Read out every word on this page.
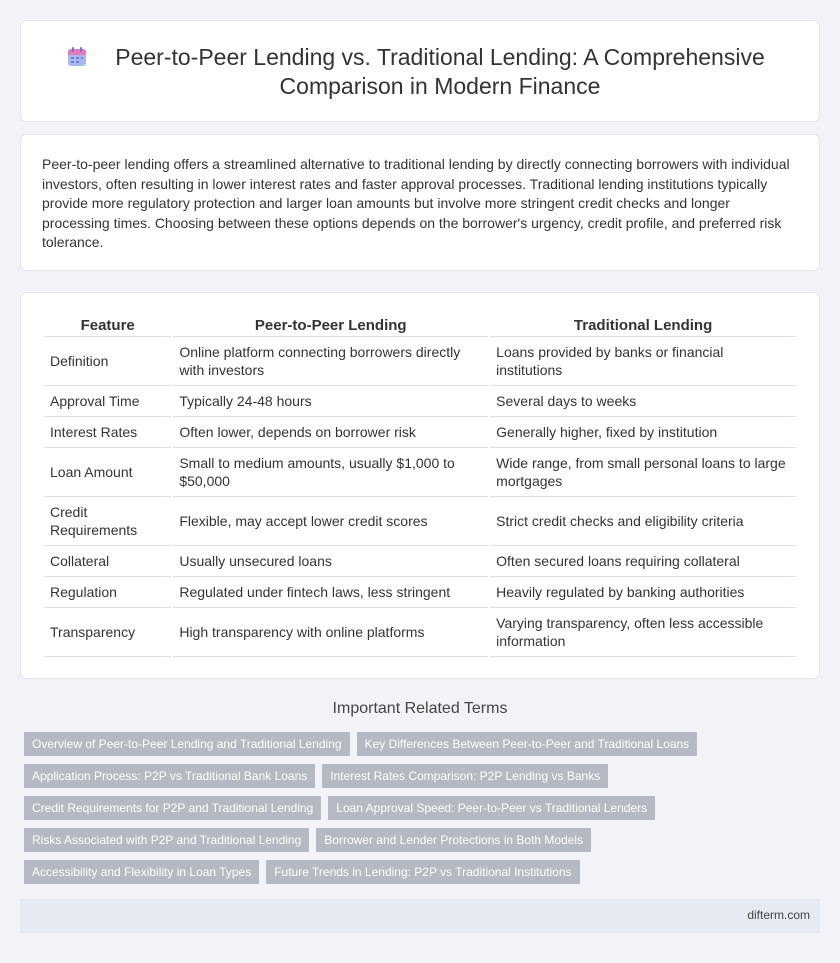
Peer-to-Peer Lending vs. Traditional Lending: A Comprehensive Comparison in Modern Finance

Peer-to-peer lending offers a streamlined alternative to traditional lending by directly connecting borrowers with individual investors, often resulting in lower interest rates and faster approval processes. Traditional lending institutions typically provide more regulatory protection and larger loan amounts but involve more stringent credit checks and longer processing times. Choosing between these options depends on the borrower's urgency, credit profile, and preferred risk tolerance.

Feature	Peer-to-Peer Lending	Traditional Lending
Definition	Online platform connecting borrowers directly with investors	Loans provided by banks or financial institutions
Approval Time	Typically 24-48 hours	Several days to weeks
Interest Rates	Often lower, depends on borrower risk	Generally higher, fixed by institution
Loan Amount	Small to medium amounts, usually $1,000 to $50,000	Wide range, from small personal loans to large mortgages
Credit Requirements	Flexible, may accept lower credit scores	Strict credit checks and eligibility criteria
Collateral	Usually unsecured loans	Often secured loans requiring collateral
Regulation	Regulated under fintech laws, less stringent	Heavily regulated by banking authorities
Transparency	High transparency with online platforms	Varying transparency, often less accessible information
Important Related Terms
Overview of Peer-to-Peer Lending and Traditional Lending	Key Differences Between Peer-to-Peer and Traditional Loans
Application Process: P2P vs Traditional Bank Loans	Interest Rates Comparison: P2P Lending vs Banks
Credit Requirements for P2P and Traditional Lending	Loan Approval Speed: Peer-to-Peer vs Traditional Lenders
Risks Associated with P2P and Traditional Lending	Borrower and Lender Protections in Both Models
Accessibility and Flexibility in Loan Types	Future Trends in Lending: P2P vs Traditional Institutions
difterm.com
